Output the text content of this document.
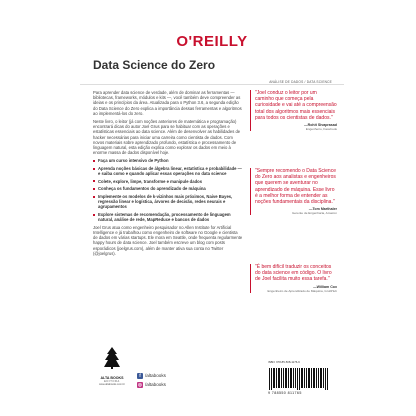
O'REILLY
Data Science do Zero
ANÁLISE DE DADOS / DATA SCIENCE

Para aprender data science de verdade, além de dominar as ferramentas — bibliotecas, frameworks, módulos e kits —, você também deve compreender as ideias e os princípios da área. Atualizada para o Python 3.6, a segunda edição do Data Science do Zero explica a importância dessas ferramentas e algoritmos ao implementá-los do zero.

Neste livro, o leitor (já com noções anteriores de matemática e programação) encontrará dicas do autor Joel Grus para se habituar com as operações e estatísticas essenciais ao data science. Além de desenvolver as habilidades de hacker necessárias para iniciar uma carreira como cientista de dados. Com novos materiais sobre aprendizado profundo, estatística e processamento de linguagem natural, esta edição explica como explorar os dados em meio à enorme massa de dados disponível hoje.

Faça um curso intensivo de Python
Aprenda noções básicas de álgebra linear, estatística e probabilidade — e saiba como e quando aplicar essas operações no data science
Colete, explore, limpe, transforme e manipule dados
Conheça os fundamentos do aprendizado de máquina
Implemente os modelos de k-vizinhos mais próximos, Naive Bayes, regressão linear e logística, árvores de decisão, redes neurais e agrupamentos
Explore sistemas de recomendação, processamento de linguagem natural, análise de rede, MapReduce e bancos de dados

Joel Grus atua como engenheiro pesquisador no Allen Institute for Artificial Intelligence e já trabalhou como engenheiro de software no Google e cientista de dados em várias startups. Ele mora em Seattle, onde frequenta regularmente happy hours de data science. Joel também escreve um blog com posts esporádicos (joelgrus.com), além de manter ativa sua conta no Twitter (@joelgrus).

"Joel conduz o leitor por um caminho que começa pela curiosidade e vai até a compreensão total dos algoritmos mais essenciais para todos os cientistas de dados."
—Rohit Sivaprasad
Engenheiro, Facebook
"Sempre recomendo o Data Science do Zero aos analistas e engenheiros que querem se aventurar no aprendizado de máquina. Esse livro é a melhor forma de entender as noções fundamentais da disciplina."
—Tom Marthaler
Gerente de Engenharia, Amazon
"É bem difícil traduzir os conceitos do data science em código. O livro de Joel facilita muito essa tarefa."
—William Cox
Engenheiro de Aprendizado de Máquina, GrubHub
ALTA BOOKS
EDITORA
www.altabooks.com.br
f /altabooks
◎ /altabooks
ISBN: 978-85-508-1176-6
9 788550 811765
